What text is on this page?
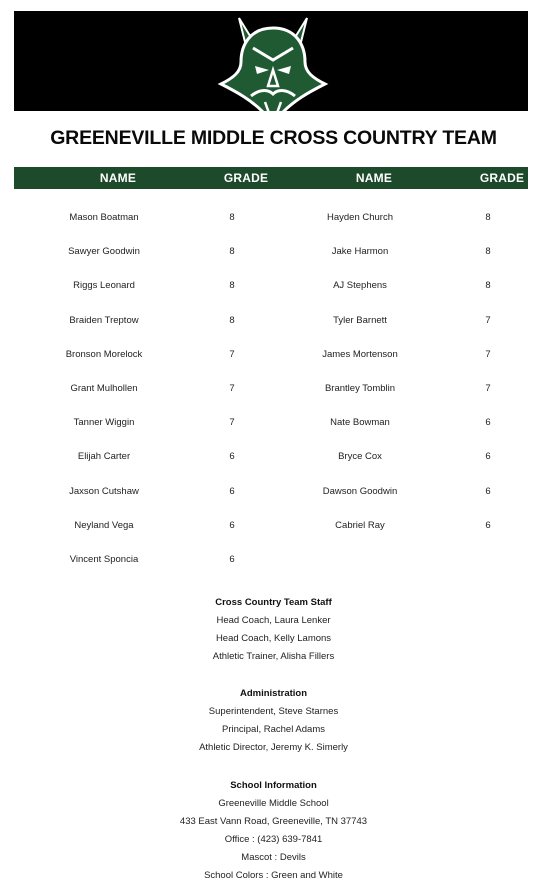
GREENEVILLE MIDDLE CROSS COUNTRY TEAM
NAME	GRADE	NAME	GRADE
Mason Boatman	8	Hayden Church	8
Sawyer Goodwin	8	Jake Harmon	8
Riggs Leonard	8	AJ Stephens	8
Braiden Treptow	8	Tyler Barnett	7
Bronson Morelock	7	James Mortenson	7
Grant Mulhollen	7	Brantley Tomblin	7
Tanner Wiggin	7	Nate Bowman	6
Elijah Carter	6	Bryce Cox	6
Jaxson Cutshaw	6	Dawson Goodwin	6
Neyland Vega	6	Cabriel Ray	6
Vincent Sponcia	6
Cross Country Team Staff
Head Coach, Laura Lenker
Head Coach, Kelly Lamons
Athletic Trainer, Alisha Fillers
Administration
Superintendent, Steve Starnes
Principal, Rachel Adams
Athletic Director, Jeremy K. Simerly
School Information
Greeneville Middle School
433 East Vann Road, Greeneville, TN 37743
Office : (423) 639-7841
Mascot : Devils
School Colors : Green and White
